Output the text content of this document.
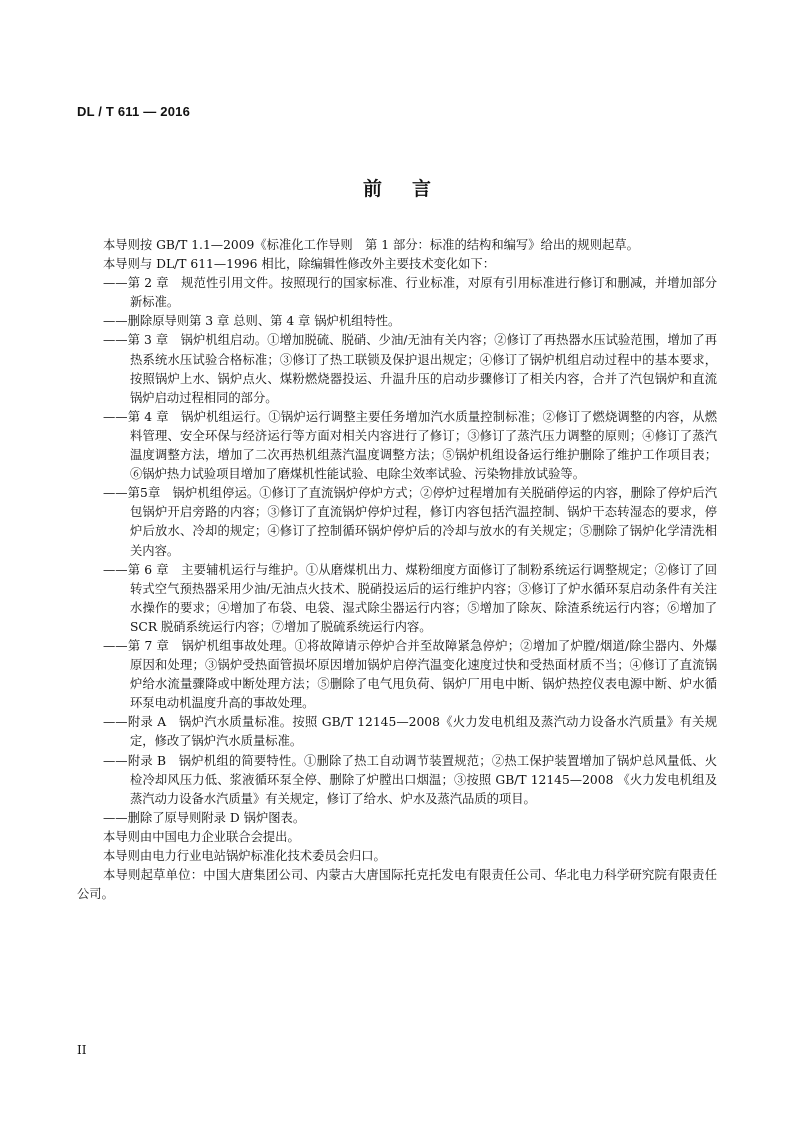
DL / T 611 — 2016
前言

本导则按 GB/T 1.1—2009《标准化工作导则　第 1 部分：标准的结构和编写》给出的规则起草。

本导则与 DL/T 611—1996 相比，除编辑性修改外主要技术变化如下：

——第 2 章　规范性引用文件。按照现行的国家标准、行业标准，对原有引用标准进行修订和删减，并增加部分新标准。

——删除原导则第 3 章 总则、第 4 章 锅炉机组特性。

——第 3 章　锅炉机组启动。①增加脱硫、脱硝、少油/无油有关内容；②修订了再热器水压试验范围，增加了再热系统水压试验合格标准；③修订了热工联锁及保护退出规定；④修订了锅炉机组启动过程中的基本要求，按照锅炉上水、锅炉点火、煤粉燃烧器投运、升温升压的启动步骤修订了相关内容，合并了汽包锅炉和直流锅炉启动过程相同的部分。

——第 4 章　锅炉机组运行。①锅炉运行调整主要任务增加汽水质量控制标准；②修订了燃烧调整的内容，从燃料管理、安全环保与经济运行等方面对相关内容进行了修订；③修订了蒸汽压力调整的原则；④修订了蒸汽温度调整方法，增加了二次再热机组蒸汽温度调整方法；⑤锅炉机组设备运行维护删除了维护工作项目表；⑥锅炉热力试验项目增加了磨煤机性能试验、电除尘效率试验、污染物排放试验等。

——第5章　锅炉机组停运。①修订了直流锅炉停炉方式；②停炉过程增加有关脱硝停运的内容，删除了停炉后汽包锅炉开启旁路的内容；③修订了直流锅炉停炉过程，修订内容包括汽温控制、锅炉干态转湿态的要求，停炉后放水、冷却的规定；④修订了控制循环锅炉停炉后的冷却与放水的有关规定；⑤删除了锅炉化学清洗相关内容。

——第 6 章　主要辅机运行与维护。①从磨煤机出力、煤粉细度方面修订了制粉系统运行调整规定；②修订了回转式空气预热器采用少油/无油点火技术、脱硝投运后的运行维护内容；③修订了炉水循环泵启动条件有关注水操作的要求；④增加了布袋、电袋、湿式除尘器运行内容；⑤增加了除灰、除渣系统运行内容；⑥增加了 SCR 脱硝系统运行内容；⑦增加了脱硫系统运行内容。

——第 7 章　锅炉机组事故处理。①将故障请示停炉合并至故障紧急停炉；②增加了炉膛/烟道/除尘器内、外爆原因和处理；③锅炉受热面管损坏原因增加锅炉启停汽温变化速度过快和受热面材质不当；④修订了直流锅炉给水流量骤降或中断处理方法；⑤删除了电气甩负荷、锅炉厂用电中断、锅炉热控仪表电源中断、炉水循环泵电动机温度升高的事故处理。

——附录 A　锅炉汽水质量标准。按照 GB/T 12145—2008《火力发电机组及蒸汽动力设备水汽质量》有关规定，修改了锅炉汽水质量标准。

——附录 B　锅炉机组的简要特性。①删除了热工自动调节装置规范；②热工保护装置增加了锅炉总风量低、火检冷却风压力低、浆液循环泵全停、删除了炉膛出口烟温；③按照 GB/T 12145—2008 《火力发电机组及蒸汽动力设备水汽质量》有关规定，修订了给水、炉水及蒸汽品质的项目。

——删除了原导则附录 D 锅炉图表。

本导则由中国电力企业联合会提出。

本导则由电力行业电站锅炉标准化技术委员会归口。

本导则起草单位：中国大唐集团公司、内蒙古大唐国际托克托发电有限责任公司、华北电力科学研究院有限责任公司。

II
